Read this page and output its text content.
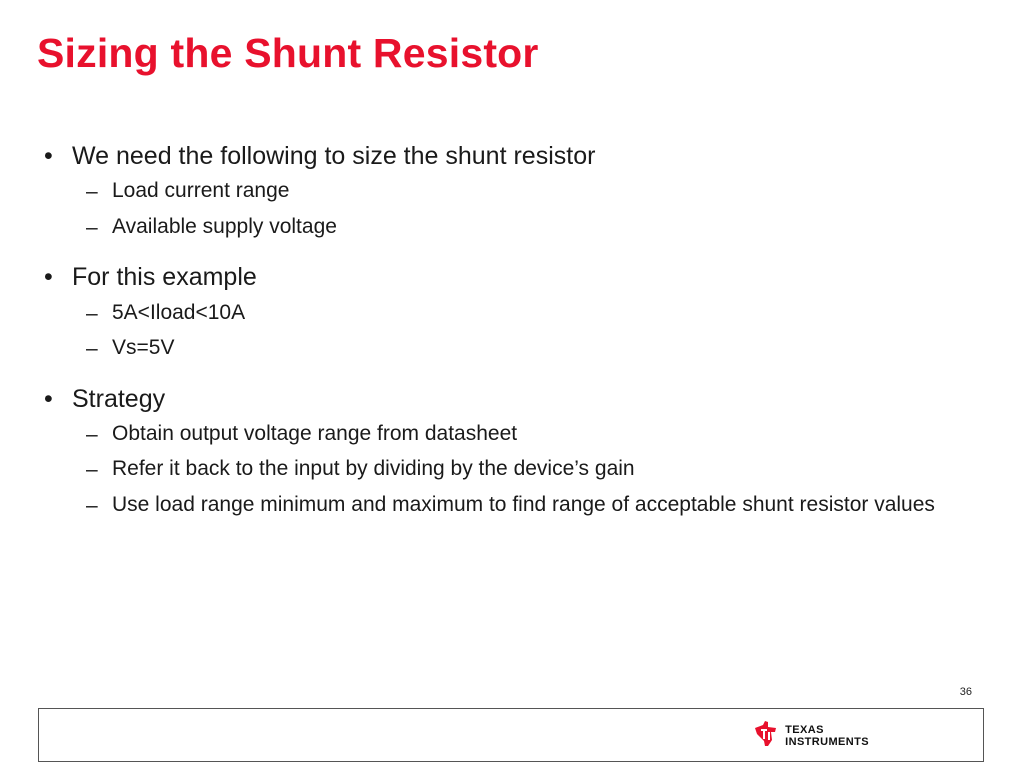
Sizing the Shunt Resistor
• We need the following to size the shunt resistor
– Load current range
– Available supply voltage
• For this example
– 5A<Iload<10A
– Vs=5V
• Strategy
– Obtain output voltage range from datasheet
– Refer it back to the input by dividing by the device’s gain
– Use load range minimum and maximum to find range of acceptable shunt resistor values
36
TEXAS
INSTRUMENTS
